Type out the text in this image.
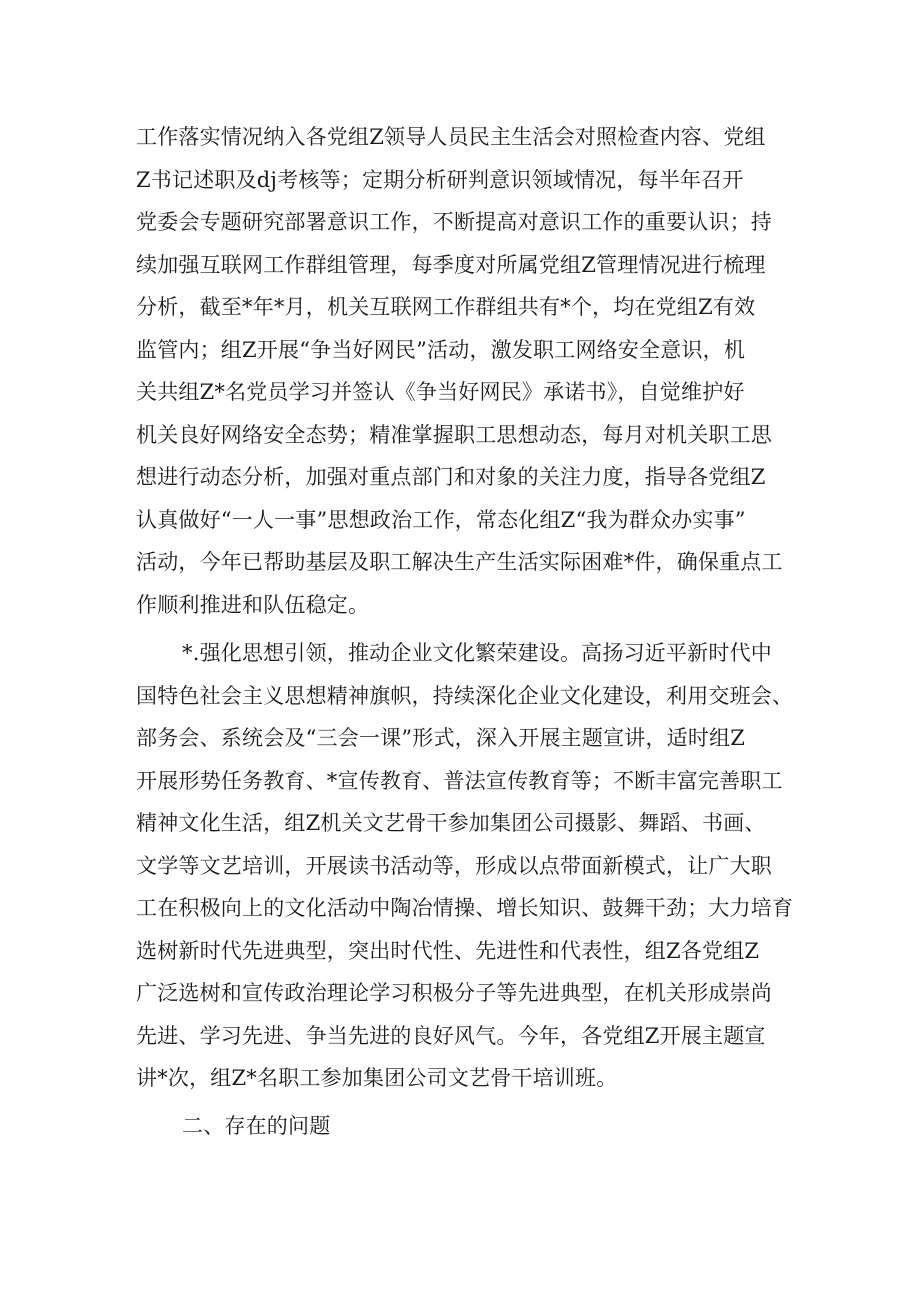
工作落实情况纳入各党组Z领导人员民主生活会对照检查内容、党组
Z书记述职及dj考核等；定期分析研判意识领域情况，每半年召开
党委会专题研究部署意识工作，不断提高对意识工作的重要认识；持
续加强互联网工作群组管理，每季度对所属党组Z管理情况进行梳理
分析，截至*年*月，机关互联网工作群组共有*个，均在党组Z有效
监管内；组Z开展“争当好网民”活动，激发职工网络安全意识，机
关共组Z*名党员学习并签认《争当好网民》承诺书》，自觉维护好
机关良好网络安全态势；精准掌握职工思想动态，每月对机关职工思
想进行动态分析，加强对重点部门和对象的关注力度，指导各党组Z
认真做好“一人一事”思想政治工作，常态化组Z“我为群众办实事”
活动，今年已帮助基层及职工解决生产生活实际困难*件，确保重点工
作顺利推进和队伍稳定。
*.强化思想引领，推动企业文化繁荣建设。高扬习近平新时代中
国特色社会主义思想精神旗帜，持续深化企业文化建设，利用交班会、
部务会、系统会及“三会一课”形式，深入开展主题宣讲，适时组Z
开展形势任务教育、*宣传教育、普法宣传教育等；不断丰富完善职工
精神文化生活，组Z机关文艺骨干参加集团公司摄影、舞蹈、书画、
文学等文艺培训，开展读书活动等，形成以点带面新模式，让广大职
工在积极向上的文化活动中陶冶情操、增长知识、鼓舞干劲；大力培育
选树新时代先进典型，突出时代性、先进性和代表性，组Z各党组Z
广泛选树和宣传政治理论学习积极分子等先进典型，在机关形成崇尚
先进、学习先进、争当先进的良好风气。今年，各党组Z开展主题宣
讲*次，组Z*名职工参加集团公司文艺骨干培训班。
二、存在的问题
